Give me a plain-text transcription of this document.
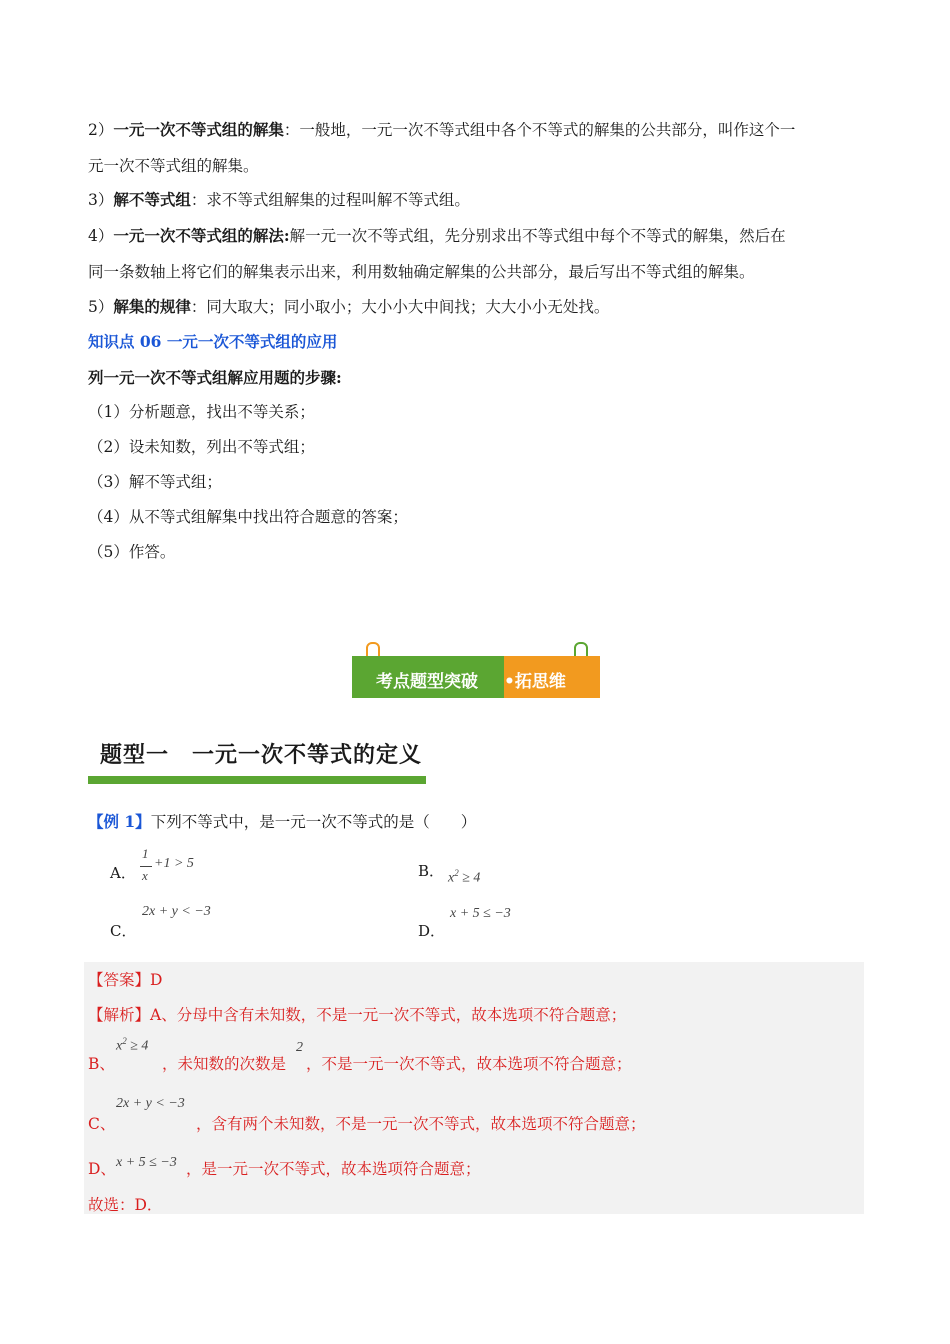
2）一元一次不等式组的解集：一般地，一元一次不等式组中各个不等式的解集的公共部分，叫作这个一
元一次不等式组的解集。
3）解不等式组：求不等式组解集的过程叫解不等式组。
4）一元一次不等式组的解法:解一元一次不等式组，先分别求出不等式组中每个不等式的解集，然后在
同一条数轴上将它们的解集表示出来，利用数轴确定解集的公共部分，最后写出不等式组的解集。
5）解集的规律：同大取大；同小取小；大小小大中间找；大大小小无处找。
知识点 06 一元一次不等式组的应用
列一元一次不等式组解应用题的步骤:
（1）分析题意，找出不等关系；
（2）设未知数，列出不等式组；
（3）解不等式组；
（4）从不等式组解集中找出符合题意的答案；
（5）作答。
考点题型突破 •拓思维
题型一　一元一次不等式的定义
【例 1】下列不等式中，是一元一次不等式的是（　　）
A．
1
x
+1 > 5	B． $x^2 \ge 4$
C．
2x + y < −3
D．
x + 5 ≤ −3
【答案】D
【解析】A、分母中含有未知数，不是一元一次不等式，故本选项不符合题意；
B、
$x^2 \ge 4$
，未知数的次数是
2
，不是一元一次不等式，故本选项不符合题意；
C、
2x + y < −3
，含有两个未知数，不是一元一次不等式，故本选项不符合题意；
D、 x + 5 ≤ −3 ，是一元一次不等式，故本选项符合题意；
故选：D．
